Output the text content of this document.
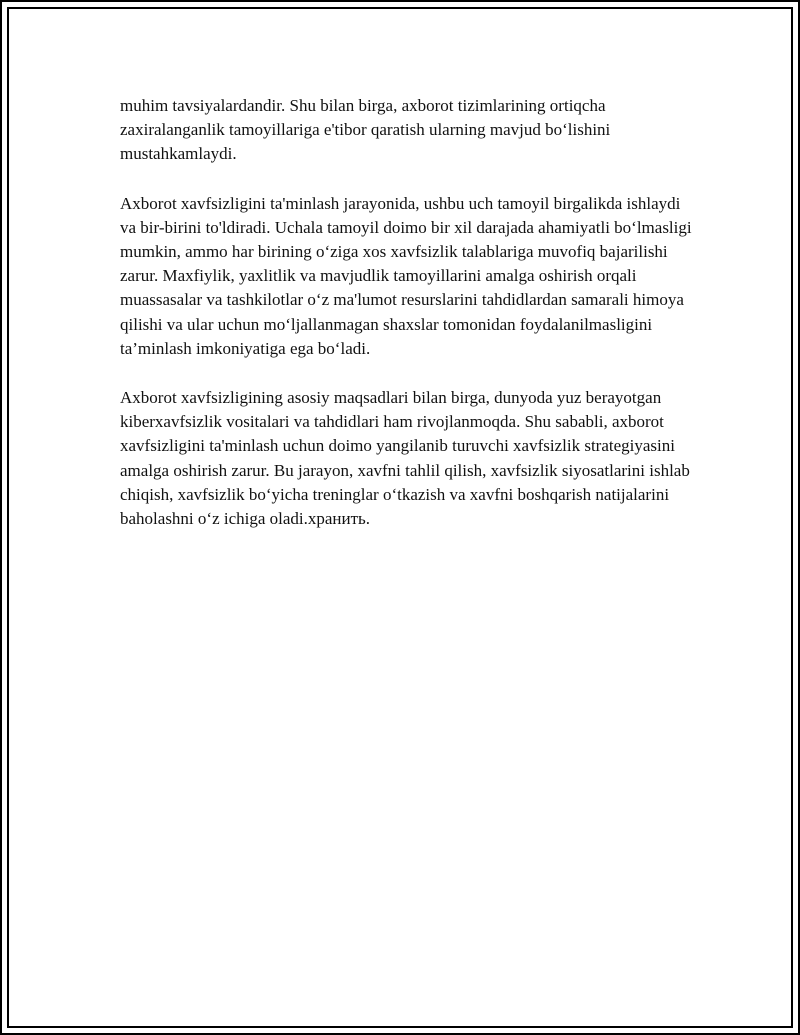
muhim tavsiyalardandir. Shu bilan birga, axborot tizimlarining ortiqcha zaxiralanganlik tamoyillariga e'tibor qaratish ularning mavjud bo‘lishini mustahkamlaydi.

Axborot xavfsizligini ta'minlash jarayonida, ushbu uch tamoyil birgalikda ishlaydi va bir-birini to'ldiradi. Uchala tamoyil doimo bir xil darajada ahamiyatli bo‘lmasligi mumkin, ammo har birining o‘ziga xos xavfsizlik talablariga muvofiq bajarilishi zarur. Maxfiylik, yaxlitlik va mavjudlik tamoyillarini amalga oshirish orqali muassasalar va tashkilotlar o‘z ma'lumot resurslarini tahdidlardan samarali himoya qilishi va ular uchun mo‘ljallanmagan shaxslar tomonidan foydalanilmasligini ta’minlash imkoniyatiga ega bo‘ladi.

Axborot xavfsizligining asosiy maqsadlari bilan birga, dunyoda yuz berayotgan kiberxavfsizlik vositalari va tahdidlari ham rivojlanmoqda. Shu sababli, axborot xavfsizligini ta'minlash uchun doimo yangilanib turuvchi xavfsizlik strategiyasini amalga oshirish zarur. Bu jarayon, xavfni tahlil qilish, xavfsizlik siyosatlarini ishlab chiqish, xavfsizlik bo‘yicha treninglar o‘tkazish va xavfni boshqarish natijalarini baholashni o‘z ichiga oladi.хранить.
